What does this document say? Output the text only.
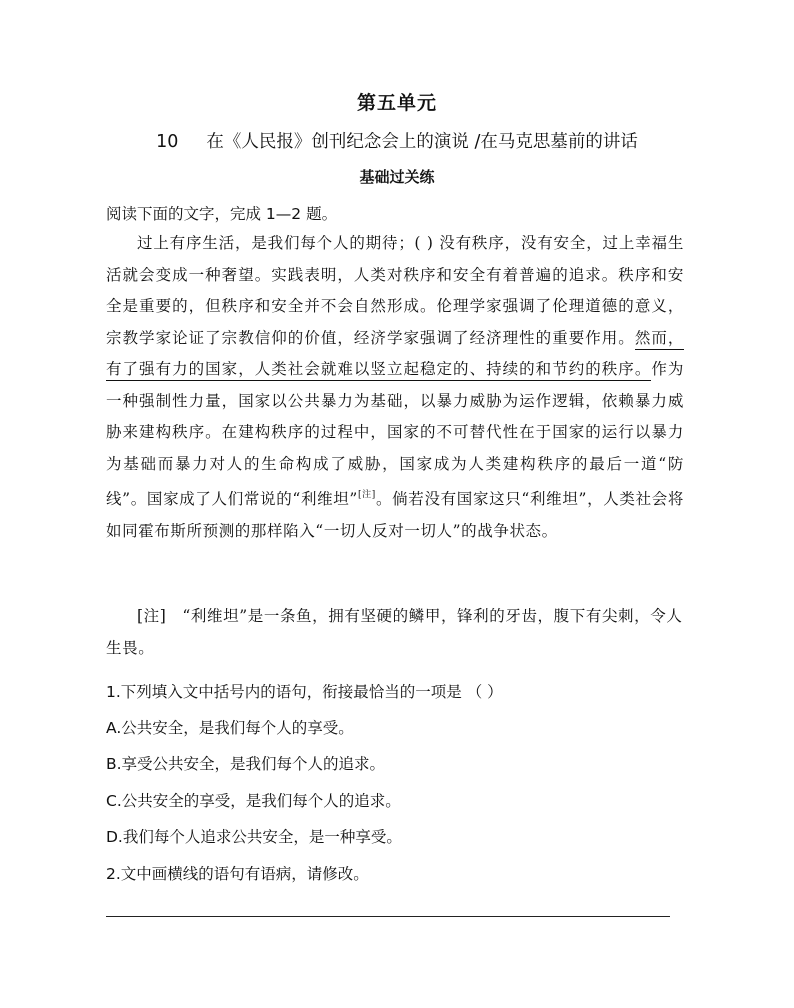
第五单元
10 在《人民报》创刊纪念会上的演说 /在马克思墓前的讲话
基础过关练
阅读下面的文字，完成 1—2 题。

过上有序生活，是我们每个人的期待；( ) 没有秩序，没有安全，过上幸福生活就会变成一种奢望。实践表明，人类对秩序和安全有着普遍的追求。秩序和安全是重要的，但秩序和安全并不会自然形成。伦理学家强调了伦理道德的意义，宗教学家论证了宗教信仰的价值，经济学家强调了经济理性的重要作用。然而，有了强有力的国家，人类社会就难以竖立起稳定的、持续的和节约的秩序。作为一种强制性力量，国家以公共暴力为基础，以暴力威胁为运作逻辑，依赖暴力威胁来建构秩序。在建构秩序的过程中，国家的不可替代性在于国家的运行以暴力为基础而暴力对人的生命构成了威胁，国家成为人类建构秩序的最后一道“防线”。国家成了人们常说的“利维坦”[注]。倘若没有国家这只“利维坦”，人类社会将如同霍布斯所预测的那样陷入“一切人反对一切人”的战争状态。

[注] “利维坦”是一条鱼，拥有坚硬的鳞甲，锋利的牙齿，腹下有尖刺，令人生畏。

1.下列填入文中括号内的语句，衔接最恰当的一项是 （ ）
A.公共安全，是我们每个人的享受。
B.享受公共安全，是我们每个人的追求。
C.公共安全的享受，是我们每个人的追求。
D.我们每个人追求公共安全，是一种享受。
2.文中画横线的语句有语病，请修改。
